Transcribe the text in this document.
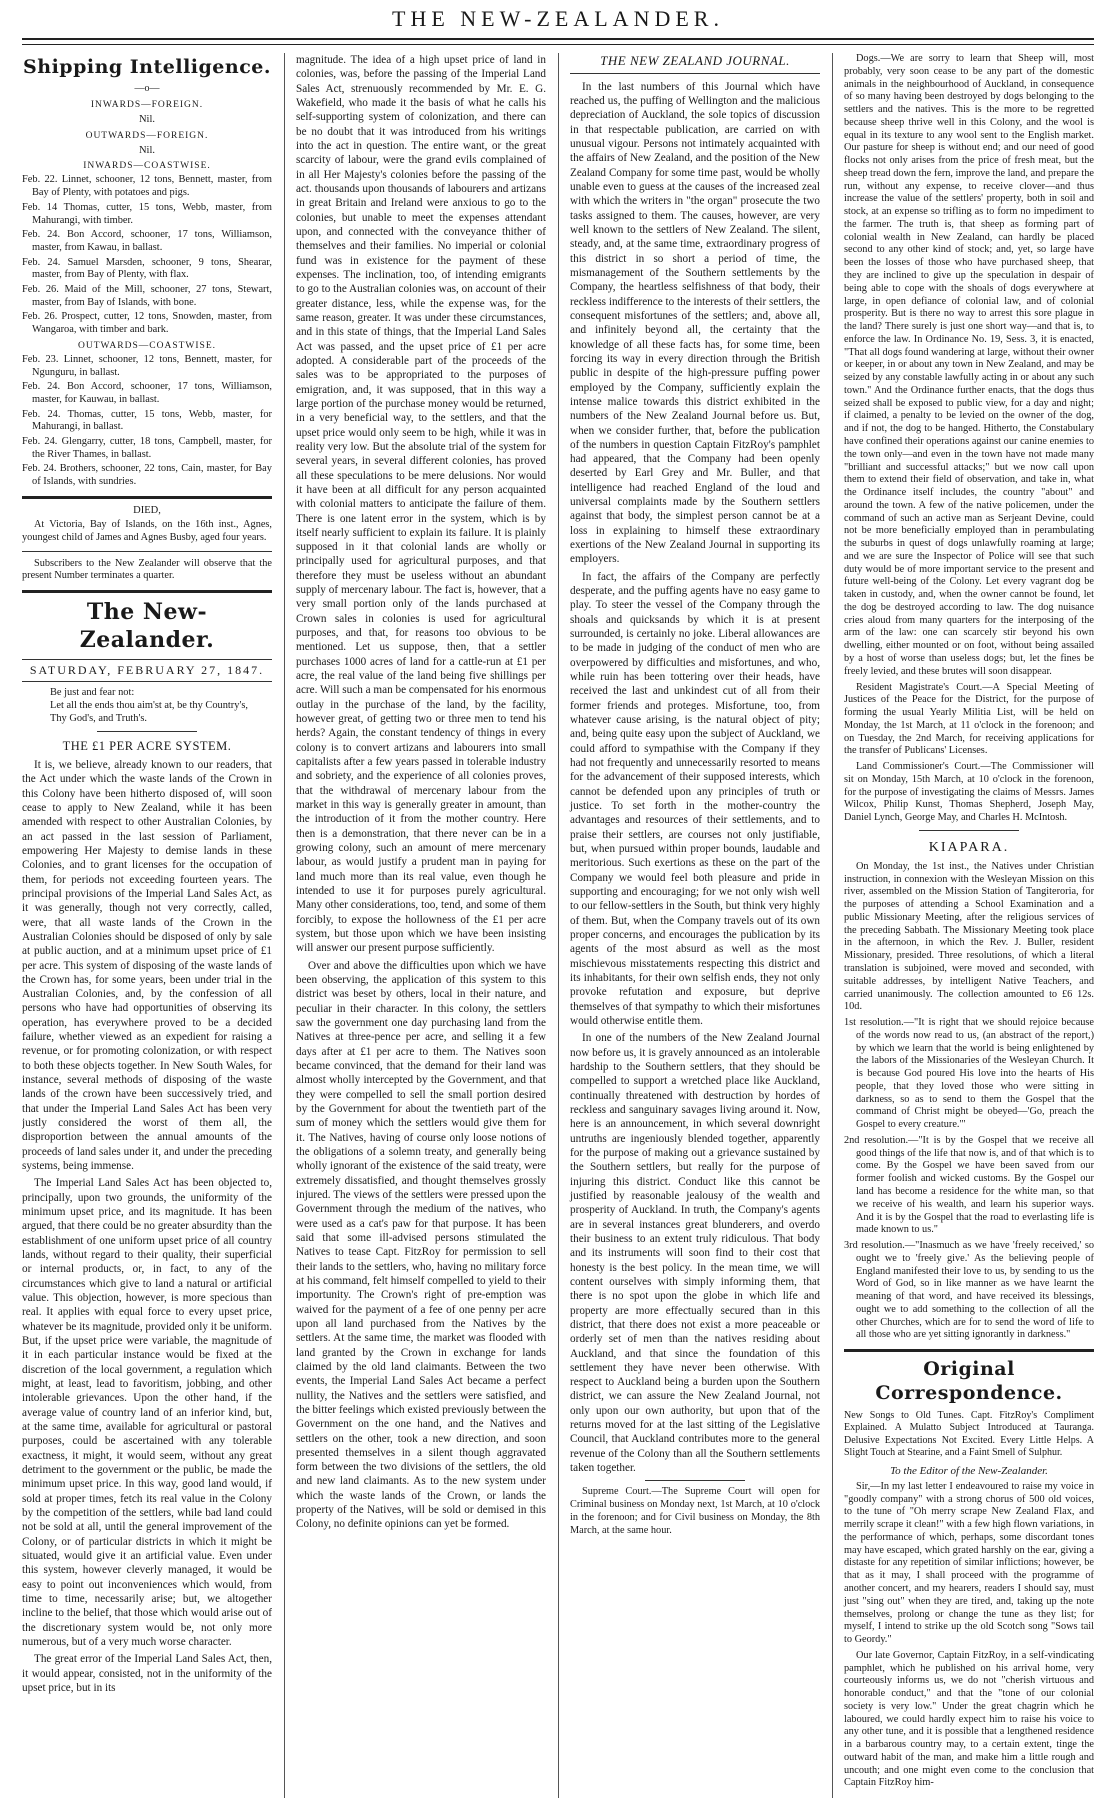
THE NEW-ZEALANDER.
Shipping Intelligence.
—o—
INWARDS—FOREIGN.
Nil.
OUTWARDS—FOREIGN.
Nil.
INWARDS—COASTWISE.
Feb. 22. Linnet, schooner, 12 tons, Bennett, master, from Bay of Plenty, with potatoes and pigs.
Feb. 14 Thomas, cutter, 15 tons, Webb, master, from Mahurangi, with timber.
Feb. 24. Bon Accord, schooner, 17 tons, Williamson, master, from Kawau, in ballast.
Feb. 24. Samuel Marsden, schooner, 9 tons, Shearar, master, from Bay of Plenty, with flax.
Feb. 26. Maid of the Mill, schooner, 27 tons, Stewart, master, from Bay of Islands, with bone.
Feb. 26. Prospect, cutter, 12 tons, Snowden, master, from Wangaroa, with timber and bark.
OUTWARDS—COASTWISE.
Feb. 23. Linnet, schooner, 12 tons, Bennett, master, for Ngunguru, in ballast.
Feb. 24. Bon Accord, schooner, 17 tons, Williamson, master, for Kauwau, in ballast.
Feb. 24. Thomas, cutter, 15 tons, Webb, master, for Mahurangi, in ballast.
Feb. 24. Glengarry, cutter, 18 tons, Campbell, master, for the River Thames, in ballast.
Feb. 24. Brothers, schooner, 22 tons, Cain, master, for Bay of Islands, with sundries.
DIED,

At Victoria, Bay of Islands, on the 16th inst., Agnes, youngest child of James and Agnes Busby, aged four years.

Subscribers to the New Zealander will observe that the present Number terminates a quarter.

The New-Zealander.
SATURDAY, FEBRUARY 27, 1847.
Be just and fear not:
Let all the ends thou aim'st at, be thy Country's,
Thy God's, and Truth's.
THE £1 PER ACRE SYSTEM.

It is, we believe, already known to our readers, that the Act under which the waste lands of the Crown in this Colony have been hitherto disposed of, will soon cease to apply to New Zealand, while it has been amended with respect to other Australian Colonies, by an act passed in the last session of Parliament, empowering Her Majesty to demise lands in these Colonies, and to grant licenses for the occupation of them, for periods not exceeding fourteen years. The principal provisions of the Imperial Land Sales Act, as it was generally, though not very correctly, called, were, that all waste lands of the Crown in the Australian Colonies should be disposed of only by sale at public auction, and at a minimum upset price of £1 per acre. This system of disposing of the waste lands of the Crown has, for some years, been under trial in the Australian Colonies, and, by the confession of all persons who have had opportunities of observing its operation, has everywhere proved to be a decided failure, whether viewed as an expedient for raising a revenue, or for promoting colonization, or with respect to both these objects together. In New South Wales, for instance, several methods of disposing of the waste lands of the crown have been successively tried, and that under the Imperial Land Sales Act has been very justly considered the worst of them all, the disproportion between the annual amounts of the proceeds of land sales under it, and under the preceding systems, being immense.

The Imperial Land Sales Act has been objected to, principally, upon two grounds, the uniformity of the minimum upset price, and its magnitude. It has been argued, that there could be no greater absurdity than the establishment of one uniform upset price of all country lands, without regard to their quality, their superficial or internal products, or, in fact, to any of the circumstances which give to land a natural or artificial value. This objection, however, is more specious than real. It applies with equal force to every upset price, whatever be its magnitude, provided only it be uniform. But, if the upset price were variable, the magnitude of it in each particular instance would be fixed at the discretion of the local government, a regulation which might, at least, lead to favoritism, jobbing, and other intolerable grievances. Upon the other hand, if the average value of country land of an inferior kind, but, at the same time, available for agricultural or pastoral purposes, could be ascertained with any tolerable exactness, it might, it would seem, without any great detriment to the government or the public, be made the minimum upset price. In this way, good land would, if sold at proper times, fetch its real value in the Colony by the competition of the settlers, while bad land could not be sold at all, until the general improvement of the Colony, or of particular districts in which it might be situated, would give it an artificial value. Even under this system, however cleverly managed, it would be easy to point out inconveniences which would, from time to time, necessarily arise; but, we altogether incline to the belief, that those which would arise out of the discretionary system would be, not only more numerous, but of a very much worse character.

The great error of the Imperial Land Sales Act, then, it would appear, consisted, not in the uniformity of the upset price, but in its

magnitude. The idea of a high upset price of land in colonies, was, before the passing of the Imperial Land Sales Act, strenuously recommended by Mr. E. G. Wakefield, who made it the basis of what he calls his self-supporting system of colonization, and there can be no doubt that it was introduced from his writings into the act in question. The entire want, or the great scarcity of labour, were the grand evils complained of in all Her Majesty's colonies before the passing of the act. thousands upon thousands of labourers and artizans in great Britain and Ireland were anxious to go to the colonies, but unable to meet the expenses attendant upon, and connected with the conveyance thither of themselves and their families. No imperial or colonial fund was in existence for the payment of these expenses. The inclination, too, of intending emigrants to go to the Australian colonies was, on account of their greater distance, less, while the expense was, for the same reason, greater. It was under these circumstances, and in this state of things, that the Imperial Land Sales Act was passed, and the upset price of £1 per acre adopted. A considerable part of the proceeds of the sales was to be appropriated to the purposes of emigration, and, it was supposed, that in this way a large portion of the purchase money would be returned, in a very beneficial way, to the settlers, and that the upset price would only seem to be high, while it was in reality very low. But the absolute trial of the system for several years, in several different colonies, has proved all these speculations to be mere delusions. Nor would it have been at all difficult for any person acquainted with colonial matters to anticipate the failure of them. There is one latent error in the system, which is by itself nearly sufficient to explain its failure. It is plainly supposed in it that colonial lands are wholly or principally used for agricultural purposes, and that therefore they must be useless without an abundant supply of mercenary labour. The fact is, however, that a very small portion only of the lands purchased at Crown sales in colonies is used for agricultural purposes, and that, for reasons too obvious to be mentioned. Let us suppose, then, that a settler purchases 1000 acres of land for a cattle-run at £1 per acre, the real value of the land being five shillings per acre. Will such a man be compensated for his enormous outlay in the purchase of the land, by the facility, however great, of getting two or three men to tend his herds? Again, the constant tendency of things in every colony is to convert artizans and labourers into small capitalists after a few years passed in tolerable industry and sobriety, and the experience of all colonies proves, that the withdrawal of mercenary labour from the market in this way is generally greater in amount, than the introduction of it from the mother country. Here then is a demonstration, that there never can be in a growing colony, such an amount of mere mercenary labour, as would justify a prudent man in paying for land much more than its real value, even though he intended to use it for purposes purely agricultural. Many other considerations, too, tend, and some of them forcibly, to expose the hollowness of the £1 per acre system, but those upon which we have been insisting will answer our present purpose sufficiently.

Over and above the difficulties upon which we have been observing, the application of this system to this district was beset by others, local in their nature, and peculiar in their character. In this colony, the settlers saw the government one day purchasing land from the Natives at three-pence per acre, and selling it a few days after at £1 per acre to them. The Natives soon became convinced, that the demand for their land was almost wholly intercepted by the Government, and that they were compelled to sell the small portion desired by the Government for about the twentieth part of the sum of money which the settlers would give them for it. The Natives, having of course only loose notions of the obligations of a solemn treaty, and generally being wholly ignorant of the existence of the said treaty, were extremely dissatisfied, and thought themselves grossly injured. The views of the settlers were pressed upon the Government through the medium of the natives, who were used as a cat's paw for that purpose. It has been said that some ill-advised persons stimulated the Natives to tease Capt. FitzRoy for permission to sell their lands to the settlers, who, having no military force at his command, felt himself compelled to yield to their importunity. The Crown's right of pre-emption was waived for the payment of a fee of one penny per acre upon all land purchased from the Natives by the settlers. At the same time, the market was flooded with land granted by the Crown in exchange for lands claimed by the old land claimants. Between the two events, the Imperial Land Sales Act became a perfect nullity, the Natives and the settlers were satisfied, and the bitter feelings which existed previously between the Government on the one hand, and the Natives and settlers on the other, took a new direction, and soon presented themselves in a silent though aggravated form between the two divisions of the settlers, the old and new land claimants. As to the new system under which the waste lands of the Crown, or lands the property of the Natives, will be sold or demised in this Colony, no definite opinions can yet be formed.

THE NEW ZEALAND JOURNAL.

In the last numbers of this Journal which have reached us, the puffing of Wellington and the malicious depreciation of Auckland, the sole topics of discussion in that respectable publication, are carried on with unusual vigour. Persons not intimately acquainted with the affairs of New Zealand, and the position of the New Zealand Company for some time past, would be wholly unable even to guess at the causes of the increased zeal with which the writers in "the organ" prosecute the two tasks assigned to them. The causes, however, are very well known to the settlers of New Zealand. The silent, steady, and, at the same time, extraordinary progress of this district in so short a period of time, the mismanagement of the Southern settlements by the Company, the heartless selfishness of that body, their reckless indifference to the interests of their settlers, the consequent misfortunes of the settlers; and, above all, and infinitely beyond all, the certainty that the knowledge of all these facts has, for some time, been forcing its way in every direction through the British public in despite of the high-pressure puffing power employed by the Company, sufficiently explain the intense malice towards this district exhibited in the numbers of the New Zealand Journal before us. But, when we consider further, that, before the publication of the numbers in question Captain FitzRoy's pamphlet had appeared, that the Company had been openly deserted by Earl Grey and Mr. Buller, and that intelligence had reached England of the loud and universal complaints made by the Southern settlers against that body, the simplest person cannot be at a loss in explaining to himself these extraordinary exertions of the New Zealand Journal in supporting its employers.

In fact, the affairs of the Company are perfectly desperate, and the puffing agents have no easy game to play. To steer the vessel of the Company through the shoals and quicksands by which it is at present surrounded, is certainly no joke. Liberal allowances are to be made in judging of the conduct of men who are overpowered by difficulties and misfortunes, and who, while ruin has been tottering over their heads, have received the last and unkindest cut of all from their former friends and proteges. Misfortune, too, from whatever cause arising, is the natural object of pity; and, being quite easy upon the subject of Auckland, we could afford to sympathise with the Company if they had not frequently and unnecessarily resorted to means for the advancement of their supposed interests, which cannot be defended upon any principles of truth or justice. To set forth in the mother-country the advantages and resources of their settlements, and to praise their settlers, are courses not only justifiable, but, when pursued within proper bounds, laudable and meritorious. Such exertions as these on the part of the Company we would feel both pleasure and pride in supporting and encouraging; for we not only wish well to our fellow-settlers in the South, but think very highly of them. But, when the Company travels out of its own proper concerns, and encourages the publication by its agents of the most absurd as well as the most mischievous misstatements respecting this district and its inhabitants, for their own selfish ends, they not only provoke refutation and exposure, but deprive themselves of that sympathy to which their misfortunes would otherwise entitle them.

In one of the numbers of the New Zealand Journal now before us, it is gravely announced as an intolerable hardship to the Southern settlers, that they should be compelled to support a wretched place like Auckland, continually threatened with destruction by hordes of reckless and sanguinary savages living around it. Now, here is an announcement, in which several downright untruths are ingeniously blended together, apparently for the purpose of making out a grievance sustained by the Southern settlers, but really for the purpose of injuring this district. Conduct like this cannot be justified by reasonable jealousy of the wealth and prosperity of Auckland. In truth, the Company's agents are in several instances great blunderers, and overdo their business to an extent truly ridiculous. That body and its instruments will soon find to their cost that honesty is the best policy. In the mean time, we will content ourselves with simply informing them, that there is no spot upon the globe in which life and property are more effectually secured than in this district, that there does not exist a more peaceable or orderly set of men than the natives residing about Auckland, and that since the foundation of this settlement they have never been otherwise. With respect to Auckland being a burden upon the Southern district, we can assure the New Zealand Journal, not only upon our own authority, but upon that of the returns moved for at the last sitting of the Legislative Council, that Auckland contributes more to the general revenue of the Colony than all the Southern settlements taken together.

Supreme Court.—The Supreme Court will open for Criminal business on Monday next, 1st March, at 10 o'clock in the forenoon; and for Civil business on Monday, the 8th March, at the same hour.

Dogs.—We are sorry to learn that Sheep will, most probably, very soon cease to be any part of the domestic animals in the neighbourhood of Auckland, in consequence of so many having been destroyed by dogs belonging to the settlers and the natives. This is the more to be regretted because sheep thrive well in this Colony, and the wool is equal in its texture to any wool sent to the English market. Our pasture for sheep is without end; and our need of good flocks not only arises from the price of fresh meat, but the sheep tread down the fern, improve the land, and prepare the run, without any expense, to receive clover—and thus increase the value of the settlers' property, both in soil and stock, at an expense so trifling as to form no impediment to the farmer. The truth is, that sheep as forming part of colonial wealth in New Zealand, can hardly be placed second to any other kind of stock; and, yet, so large have been the losses of those who have purchased sheep, that they are inclined to give up the speculation in despair of being able to cope with the shoals of dogs everywhere at large, in open defiance of colonial law, and of colonial prosperity. But is there no way to arrest this sore plague in the land? There surely is just one short way—and that is, to enforce the law. In Ordinance No. 19, Sess. 3, it is enacted, "That all dogs found wandering at large, without their owner or keeper, in or about any town in New Zealand, and may be seized by any constable lawfully acting in or about any such town." And the Ordinance further enacts, that the dogs thus seized shall be exposed to public view, for a day and night; if claimed, a penalty to be levied on the owner of the dog, and if not, the dog to be hanged. Hitherto, the Constabulary have confined their operations against our canine enemies to the town only—and even in the town have not made many "brilliant and successful attacks;" but we now call upon them to extend their field of observation, and take in, what the Ordinance itself includes, the country "about" and around the town. A few of the native policemen, under the command of such an active man as Serjeant Devine, could not be more beneficially employed than in perambulating the suburbs in quest of dogs unlawfully roaming at large; and we are sure the Inspector of Police will see that such duty would be of more important service to the present and future well-being of the Colony. Let every vagrant dog be taken in custody, and, when the owner cannot be found, let the dog be destroyed according to law. The dog nuisance cries aloud from many quarters for the interposing of the arm of the law: one can scarcely stir beyond his own dwelling, either mounted or on foot, without being assailed by a host of worse than useless dogs; but, let the fines be freely levied, and these brutes will soon disappear.

Resident Magistrate's Court.—A Special Meeting of Justices of the Peace for the District, for the purpose of forming the usual Yearly Militia List, will be held on Monday, the 1st March, at 11 o'clock in the forenoon; and on Tuesday, the 2nd March, for receiving applications for the transfer of Publicans' Licenses.

Land Commissioner's Court.—The Commissioner will sit on Monday, 15th March, at 10 o'clock in the forenoon, for the purpose of investigating the claims of Messrs. James Wilcox, Philip Kunst, Thomas Shepherd, Joseph May, Daniel Lynch, George May, and Charles H. McIntosh.

KIAPARA.

On Monday, the 1st inst., the Natives under Christian instruction, in connexion with the Wesleyan Mission on this river, assembled on the Mission Station of Tangiteroria, for the purposes of attending a School Examination and a public Missionary Meeting, after the religious services of the preceding Sabbath. The Missionary Meeting took place in the afternoon, in which the Rev. J. Buller, resident Missionary, presided. Three resolutions, of which a literal translation is subjoined, were moved and seconded, with suitable addresses, by intelligent Native Teachers, and carried unanimously. The collection amounted to £6 12s. 10d.

1st resolution.—"It is right that we should rejoice because of the words now read to us, (an abstract of the report,) by which we learn that the world is being enlightened by the labors of the Missionaries of the Wesleyan Church. It is because God poured His love into the hearts of His people, that they loved those who were sitting in darkness, so as to send to them the Gospel that the command of Christ might be obeyed—'Go, preach the Gospel to every creature.'"
2nd resolution.—"It is by the Gospel that we receive all good things of the life that now is, and of that which is to come. By the Gospel we have been saved from our former foolish and wicked customs. By the Gospel our land has become a residence for the white man, so that we receive of his wealth, and learn his superior ways. And it is by the Gospel that the road to everlasting life is made known to us."
3rd resolution.—"Inasmuch as we have 'freely received,' so ought we to 'freely give.' As the believing people of England manifested their love to us, by sending to us the Word of God, so in like manner as we have learnt the meaning of that word, and have received its blessings, ought we to add something to the collection of all the other Churches, which are for to send the word of life to all those who are yet sitting ignorantly in darkness."
Original Correspondence.

New Songs to Old Tunes. Capt. FitzRoy's Compliment Explained. A Mulatto Subject Introduced at Tauranga. Delusive Expectations Not Excited. Every Little Helps. A Slight Touch at Stearine, and a Faint Smell of Sulphur.

To the Editor of the New-Zealander.

Sir,—In my last letter I endeavoured to raise my voice in "goodly company" with a strong chorus of 500 old voices, to the tune of "Oh merry scrape New Zealand Flax, and merrily scrape it clean!" with a few high flown variations, in the performance of which, perhaps, some discordant tones may have escaped, which grated harshly on the ear, giving a distaste for any repetition of similar inflictions; however, be that as it may, I shall proceed with the programme of another concert, and my hearers, readers I should say, must just "sing out" when they are tired, and, taking up the note themselves, prolong or change the tune as they list; for myself, I intend to strike up the old Scotch song "Sows tail to Geordy."

Our late Governor, Captain FitzRoy, in a self-vindicating pamphlet, which he published on his arrival home, very courteously informs us, we do not "cherish virtuous and honorable conduct," and that the "tone of our colonial society is very low." Under the great chagrin which he laboured, we could hardly expect him to raise his voice to any other tune, and it is possible that a lengthened residence in a barbarous country may, to a certain extent, tinge the outward habit of the man, and make him a little rough and uncouth; and one might even come to the conclusion that Captain FitzRoy him-
